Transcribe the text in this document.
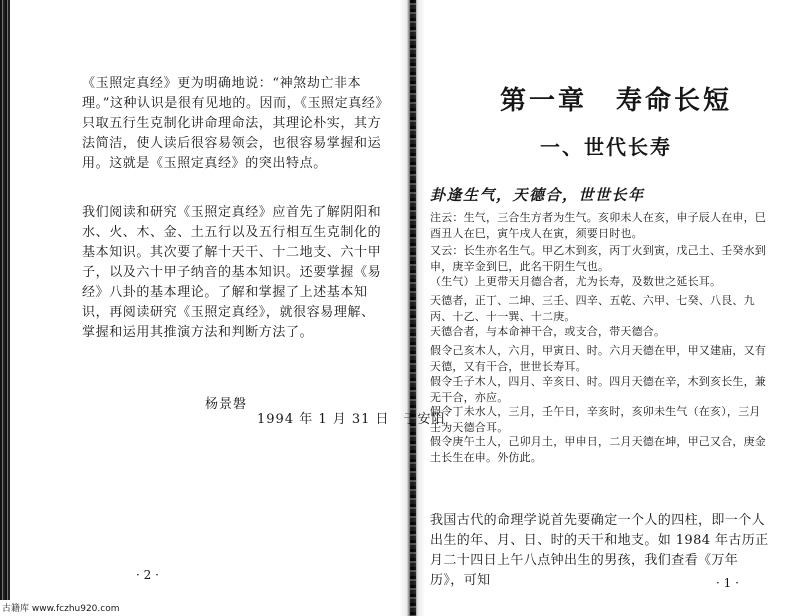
《玉照定真经》更为明确地说：“神煞劫亡非本理。”这种认识是很有见地的。因而，《玉照定真经》只取五行生克制化讲命理命法，其理论朴实，其方法简洁，使人读后很容易领会，也很容易掌握和运用。这就是《玉照定真经》的突出特点。

我们阅读和研究《玉照定真经》应首先了解阴阳和水、火、木、金、土五行以及五行相互生克制化的基本知识。其次要了解十天干、十二地支、六十甲子，以及六十甲子纳音的基本知识。还要掌握《易经》八卦的基本理论。了解和掌握了上述基本知识，再阅读研究《玉照定真经》，就很容易理解、掌握和运用其推演方法和判断方法了。

杨景磐
1994 年 1 月 31 日　于安阳
· 2 ·
第一章　寿命长短
一、世代长寿
卦逢生气，天德合，世世长年

注云：生气，三合生方者为生气。亥卯未人在亥，申子辰人在申，巳酉丑人在巳，寅午戌人在寅，须要日时也。

又云：长生亦名生气。甲乙木到亥，丙丁火到寅，戊己土、壬癸水到申，庚辛金到巳，此名干阴生气也。

（生气）上更带天月德合者，尤为长寿，及数世之延长耳。

天德者，正丁、二坤、三壬、四辛、五乾、六甲、七癸、八艮、九丙、十乙、十一巽、十二庚。

天德合者，与本命神干合，或支合，带天德合。

假令己亥木人，六月，甲寅日、时。六月天德在甲，甲又建庙，又有天德，又有干合，世世长寿耳。

假令壬子木人，四月、辛亥日、时。四月天德在辛，木到亥长生，兼无干合，亦应。

假令丁未水人，三月，壬午日，辛亥时，亥卯未生气（在亥），三月壬为天德合耳。

假令庚午土人，己卯月土，甲申日，二月天德在坤，甲己又合，庚金土长生在申。外仿此。

我国古代的命理学说首先要确定一个人的四柱，即一个人出生的年、月、日、时的天干和地支。如 1984 年古历正月二十四日上午八点钟出生的男孩，我们查看《万年历》，可知	· 1 ·
古籍库 www.fczhu920.com
